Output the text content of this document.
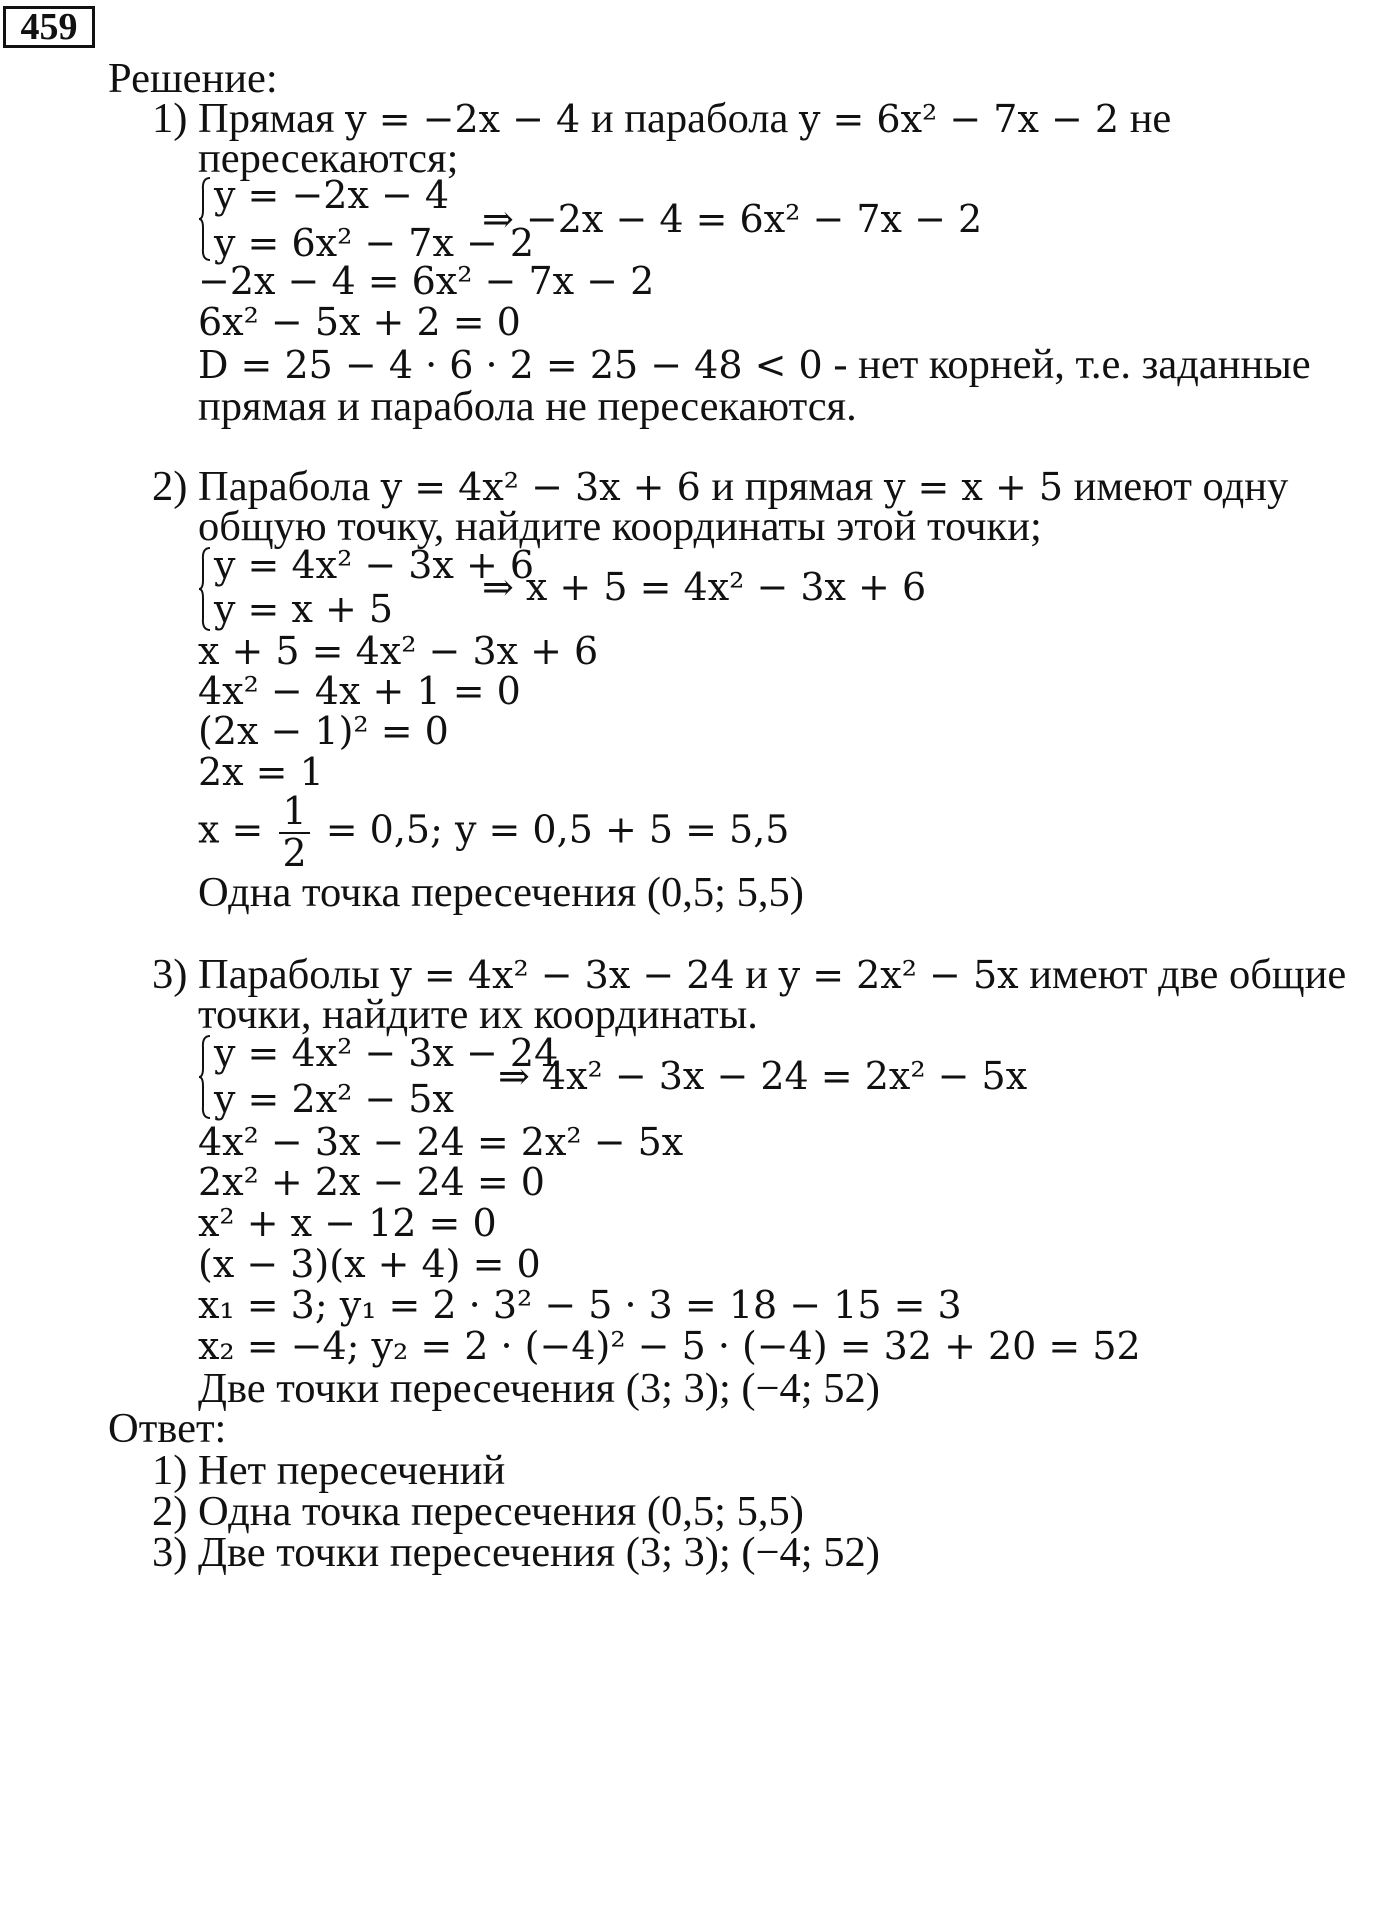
459
Решение:
1) Прямая y = −2x − 4 и парабола y = 6x² − 7x − 2 не
пересекаются;
y = −2x − 4
y = 6x² − 7x − 2
⇒ −2x − 4 = 6x² − 7x − 2
−2x − 4 = 6x² − 7x − 2
6x² − 5x + 2 = 0
D = 25 − 4 · 6 · 2 = 25 − 48 < 0 - нет корней, т.е. заданные
прямая и парабола не пересекаются.
2) Парабола y = 4x² − 3x + 6 и прямая y = x + 5 имеют одну
общую точку, найдите координаты этой точки;
y = 4x² − 3x + 6
y = x + 5 ⇒ x + 5 = 4x² − 3x + 6
x + 5 = 4x² − 3x + 6
4x² − 4x + 1 = 0
(2x − 1)² = 0
2x = 1
$x = \frac{1}{2} = 0,5$; y = 0,5 + 5 = 5,5
Одна точка пересечения (0,5; 5,5)
3) Параболы y = 4x² − 3x − 24 и y = 2x² − 5x имеют две общие
точки, найдите их координаты.
y = 4x² − 3x − 24
y = 2x² − 5x
⇒ 4x² − 3x − 24 = 2x² − 5x
4x² − 3x − 24 = 2x² − 5x
2x² + 2x − 24 = 0
x² + x − 12 = 0
(x − 3)(x + 4) = 0
x₁ = 3; y₁ = 2 · 3² − 5 · 3 = 18 − 15 = 3
x₂ = −4; y₂ = 2 · (−4)² − 5 · (−4) = 32 + 20 = 52
Две точки пересечения (3; 3); (−4; 52)
Ответ:
1) Нет пересечений
2) Одна точка пересечения (0,5; 5,5)
3) Две точки пересечения (3; 3); (−4; 52)
